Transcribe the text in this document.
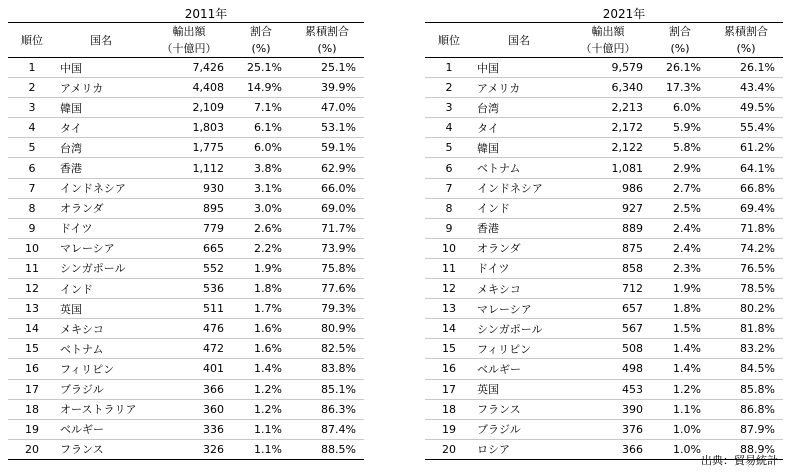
2011年
順位	国名	輸出額	割合	累積割合
		（十億円）	(%)	(%)
1	中国	7,426	25.1%	25.1%
2	アメリカ	4,408	14.9%	39.9%
3	韓国	2,109	7.1%	47.0%
4	タイ	1,803	6.1%	53.1%
5	台湾	1,775	6.0%	59.1%
6	香港	1,112	3.8%	62.9%
7	インドネシア	930	3.1%	66.0%
8	オランダ	895	3.0%	69.0%
9	ドイツ	779	2.6%	71.7%
10	マレーシア	665	2.2%	73.9%
11	シンガポール	552	1.9%	75.8%
12	インド	536	1.8%	77.6%
13	英国	511	1.7%	79.3%
14	メキシコ	476	1.6%	80.9%
15	ベトナム	472	1.6%	82.5%
16	フィリピン	401	1.4%	83.8%
17	ブラジル	366	1.2%	85.1%
18	オーストラリア	360	1.2%	86.3%
19	ベルギー	336	1.1%	87.4%
20	フランス	326	1.1%	88.5%
2021年
順位	国名	輸出額	割合	累積割合
		（十億円）	(%)	(%)
1	中国	9,579	26.1%	26.1%
2	アメリカ	6,340	17.3%	43.4%
3	台湾	2,213	6.0%	49.5%
4	タイ	2,172	5.9%	55.4%
5	韓国	2,122	5.8%	61.2%
6	ベトナム	1,081	2.9%	64.1%
7	インドネシア	986	2.7%	66.8%
8	インド	927	2.5%	69.4%
9	香港	889	2.4%	71.8%
10	オランダ	875	2.4%	74.2%
11	ドイツ	858	2.3%	76.5%
12	メキシコ	712	1.9%	78.5%
13	マレーシア	657	1.8%	80.2%
14	シンガポール	567	1.5%	81.8%
15	フィリピン	508	1.4%	83.2%
16	ベルギー	498	1.4%	84.5%
17	英国	453	1.2%	85.8%
18	フランス	390	1.1%	86.8%
19	ブラジル	376	1.0%	87.9%
20	ロシア	366	1.0%	88.9%
出典：貿易統計
